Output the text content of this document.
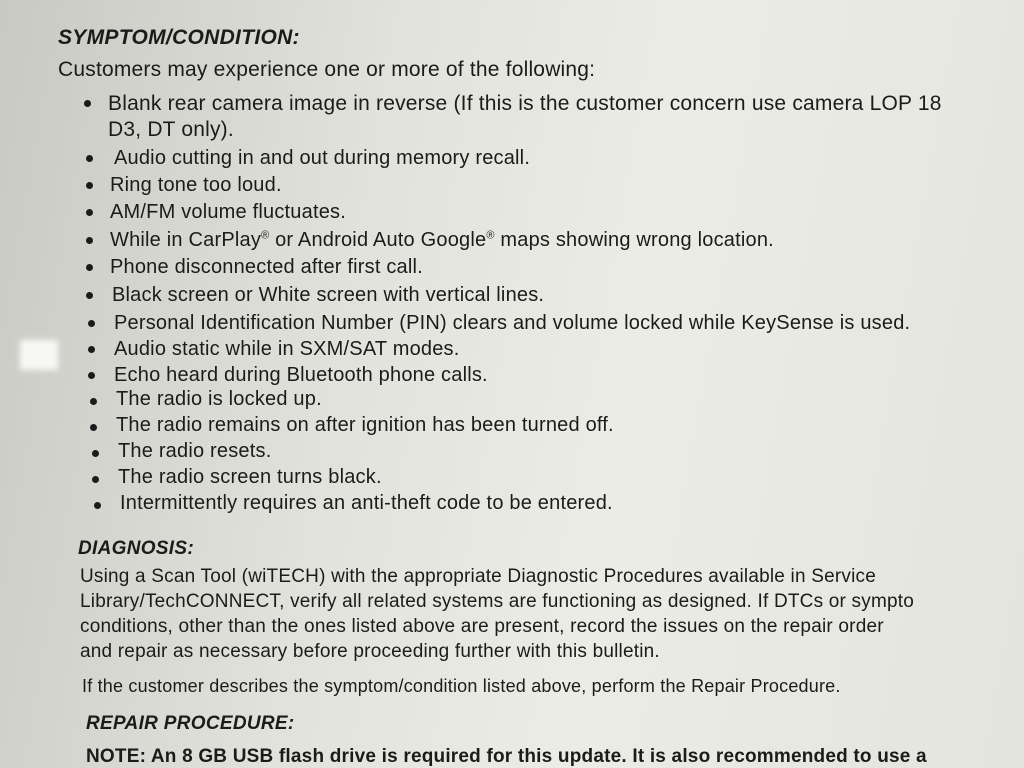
SYMPTOM/CONDITION:
Customers may experience one or more of the following:
Blank rear camera image in reverse (If this is the customer concern use camera LOP 18
D3, DT only).
Audio cutting in and out during memory recall.
Ring tone too loud.
AM/FM volume fluctuates.
While in CarPlay® or Android Auto Google® maps showing wrong location.
Phone disconnected after first call.
Black screen or White screen with vertical lines.
Personal Identification Number (PIN) clears and volume locked while KeySense is used.
Audio static while in SXM/SAT modes.
Echo heard during Bluetooth phone calls.
The radio is locked up.
The radio remains on after ignition has been turned off.
The radio resets.
The radio screen turns black.
Intermittently requires an anti-theft code to be entered.
DIAGNOSIS:
Using a Scan Tool (wiTECH) with the appropriate Diagnostic Procedures available in Service
Library/TechCONNECT, verify all related systems are functioning as designed. If DTCs or sympto
conditions, other than the ones listed above are present, record the issues on the repair order
and repair as necessary before proceeding further with this bulletin.
If the customer describes the symptom/condition listed above, perform the Repair Procedure.
REPAIR PROCEDURE:
NOTE: An 8 GB USB flash drive is required for this update. It is also recommended to use a
